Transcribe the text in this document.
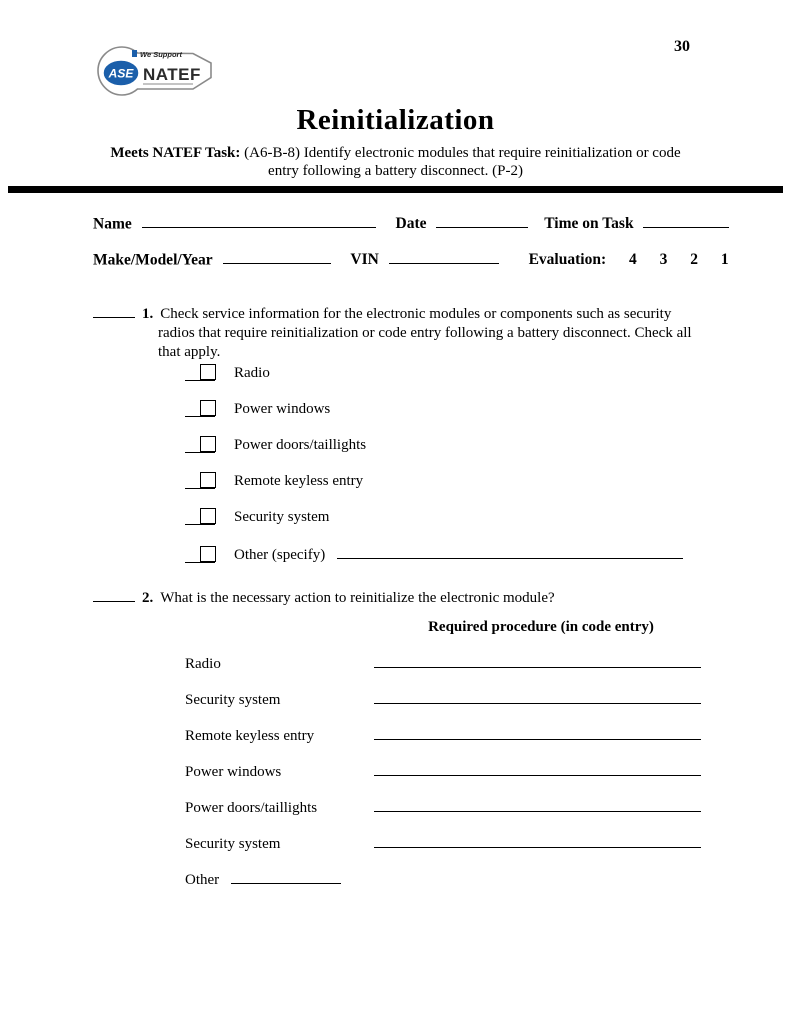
30
We Support
ASE NATEF
Reinitialization
Meets NATEF Task: (A6-B-8) Identify electronic modules that require reinitialization or code
entry following a battery disconnect. (P-2)
Name	Date	Time on Task
Make/Model/Year	VIN	Evaluation: 4 3 2 1

1. Check service information for the electronic modules or components such as security radios that require reinitialization or code entry following a battery disconnect. Check all that apply.

Radio
Power windows
Power doors/taillights
Remote keyless entry
Security system
Other (specify)

2. What is the necessary action to reinitialize the electronic module?

Required procedure (in code entry)
Radio
Security system
Remote keyless entry
Power windows
Power doors/taillights
Security system
Other
